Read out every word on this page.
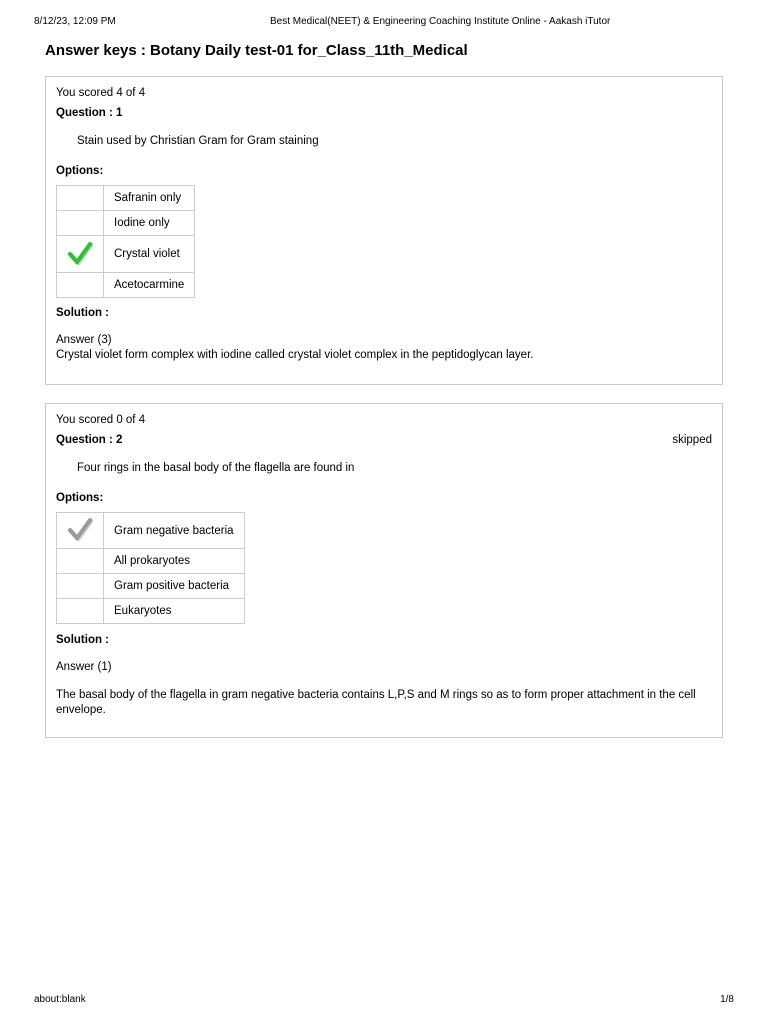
8/12/23, 12:09 PM	Best Medical(NEET) & Engineering Coaching Institute Online - Aakash iTutor
Answer keys : Botany Daily test-01 for_Class_11th_Medical
You scored 4 of 4
Question : 1
Stain used by Christian Gram for Gram staining
Options:
	Safranin only
	Iodine only
	Crystal violet
	Acetocarmine
Solution :
Answer (3)
Crystal violet form complex with iodine called crystal violet complex in the peptidoglycan layer.
You scored 0 of 4
Question : 2	skipped
Four rings in the basal body of the flagella are found in
Options:
	Gram negative bacteria
	All prokaryotes
	Gram positive bacteria
	Eukaryotes
Solution :
Answer (1)
The basal body of the flagella in gram negative bacteria contains L,P,S and M rings so as to form proper attachment in the cell envelope.
about:blank	1/8
